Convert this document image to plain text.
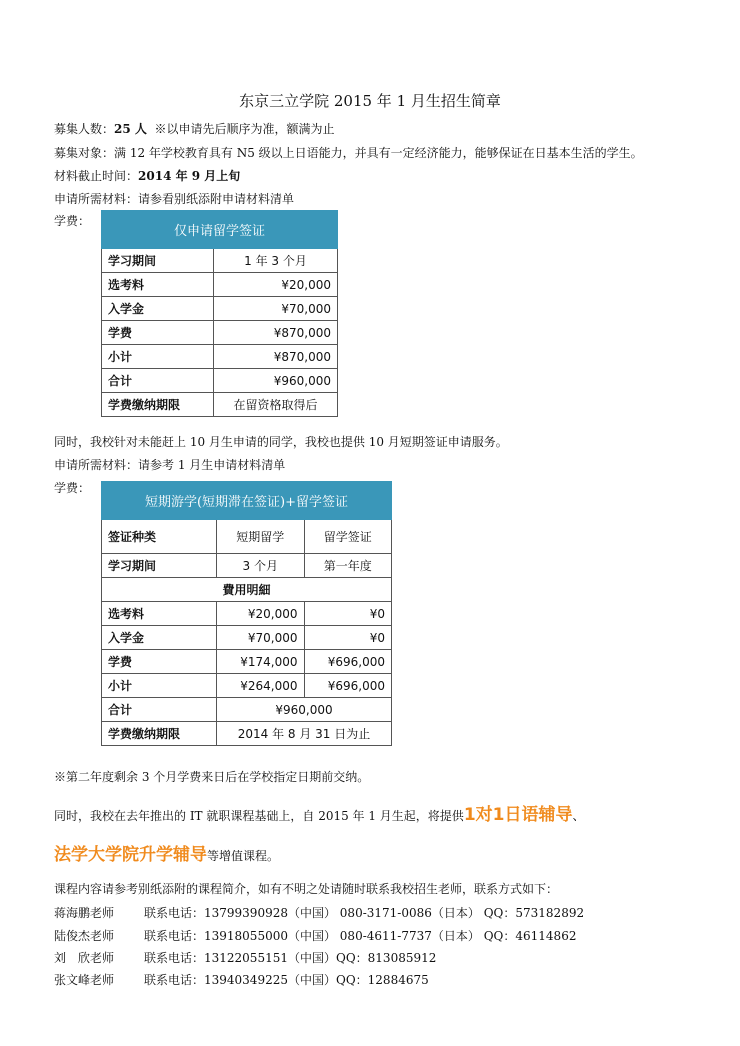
东京三立学院 2015 年 1 月生招生简章
募集人数：25 人 ※以申请先后顺序为准，额满为止
募集对象：满 12 年学校教育具有 N5 级以上日语能力，并具有一定经济能力，能够保证在日基本生活的学生。
材料截止时间：2014 年 9 月上旬
申请所需材料：请参看别纸添附申请材料清单
学费：
仅申请留学签证	
学习期间	1 年 3 个月
选考料	¥20,000
入学金	¥70,000
学费	¥870,000
小计	¥870,000
合计	¥960,000
学费缴纳期限	在留资格取得后
同时，我校针对未能赶上 10 月生申请的同学，我校也提供 10 月短期签证申请服务。
申请所需材料：请参考 1 月生申请材料清单
学费：
短期游学(短期滞在签证)+留学签证		
签证种类	短期留学	留学签证
学习期间	3 个月	第一年度
費用明細		
选考料	¥20,000	¥0
入学金	¥70,000	¥0
学费	¥174,000	¥696,000
小计	¥264,000	¥696,000
合计	¥960,000	
学费缴纳期限	2014 年 8 月 31 日为止	
※第二年度剩余 3 个月学费来日后在学校指定日期前交纳。
同时，我校在去年推出的 IT 就职课程基础上，自 2015 年 1 月生起，将提供1对1日语辅导、
法学大学院升学辅导等增值课程。
课程内容请参考别纸添附的课程简介，如有不明之处请随时联系我校招生老师，联系方式如下：
蒋海鹏老师 联系电话：13799390928（中国） 080-3171-0086（日本） QQ：573182892
陆俊杰老师 联系电话：13918055000（中国） 080-4611-7737（日本） QQ：46114862
刘　欣老师 联系电话：13122055151（中国）QQ：813085912
张文峰老师 联系电话：13940349225（中国）QQ：12884675
